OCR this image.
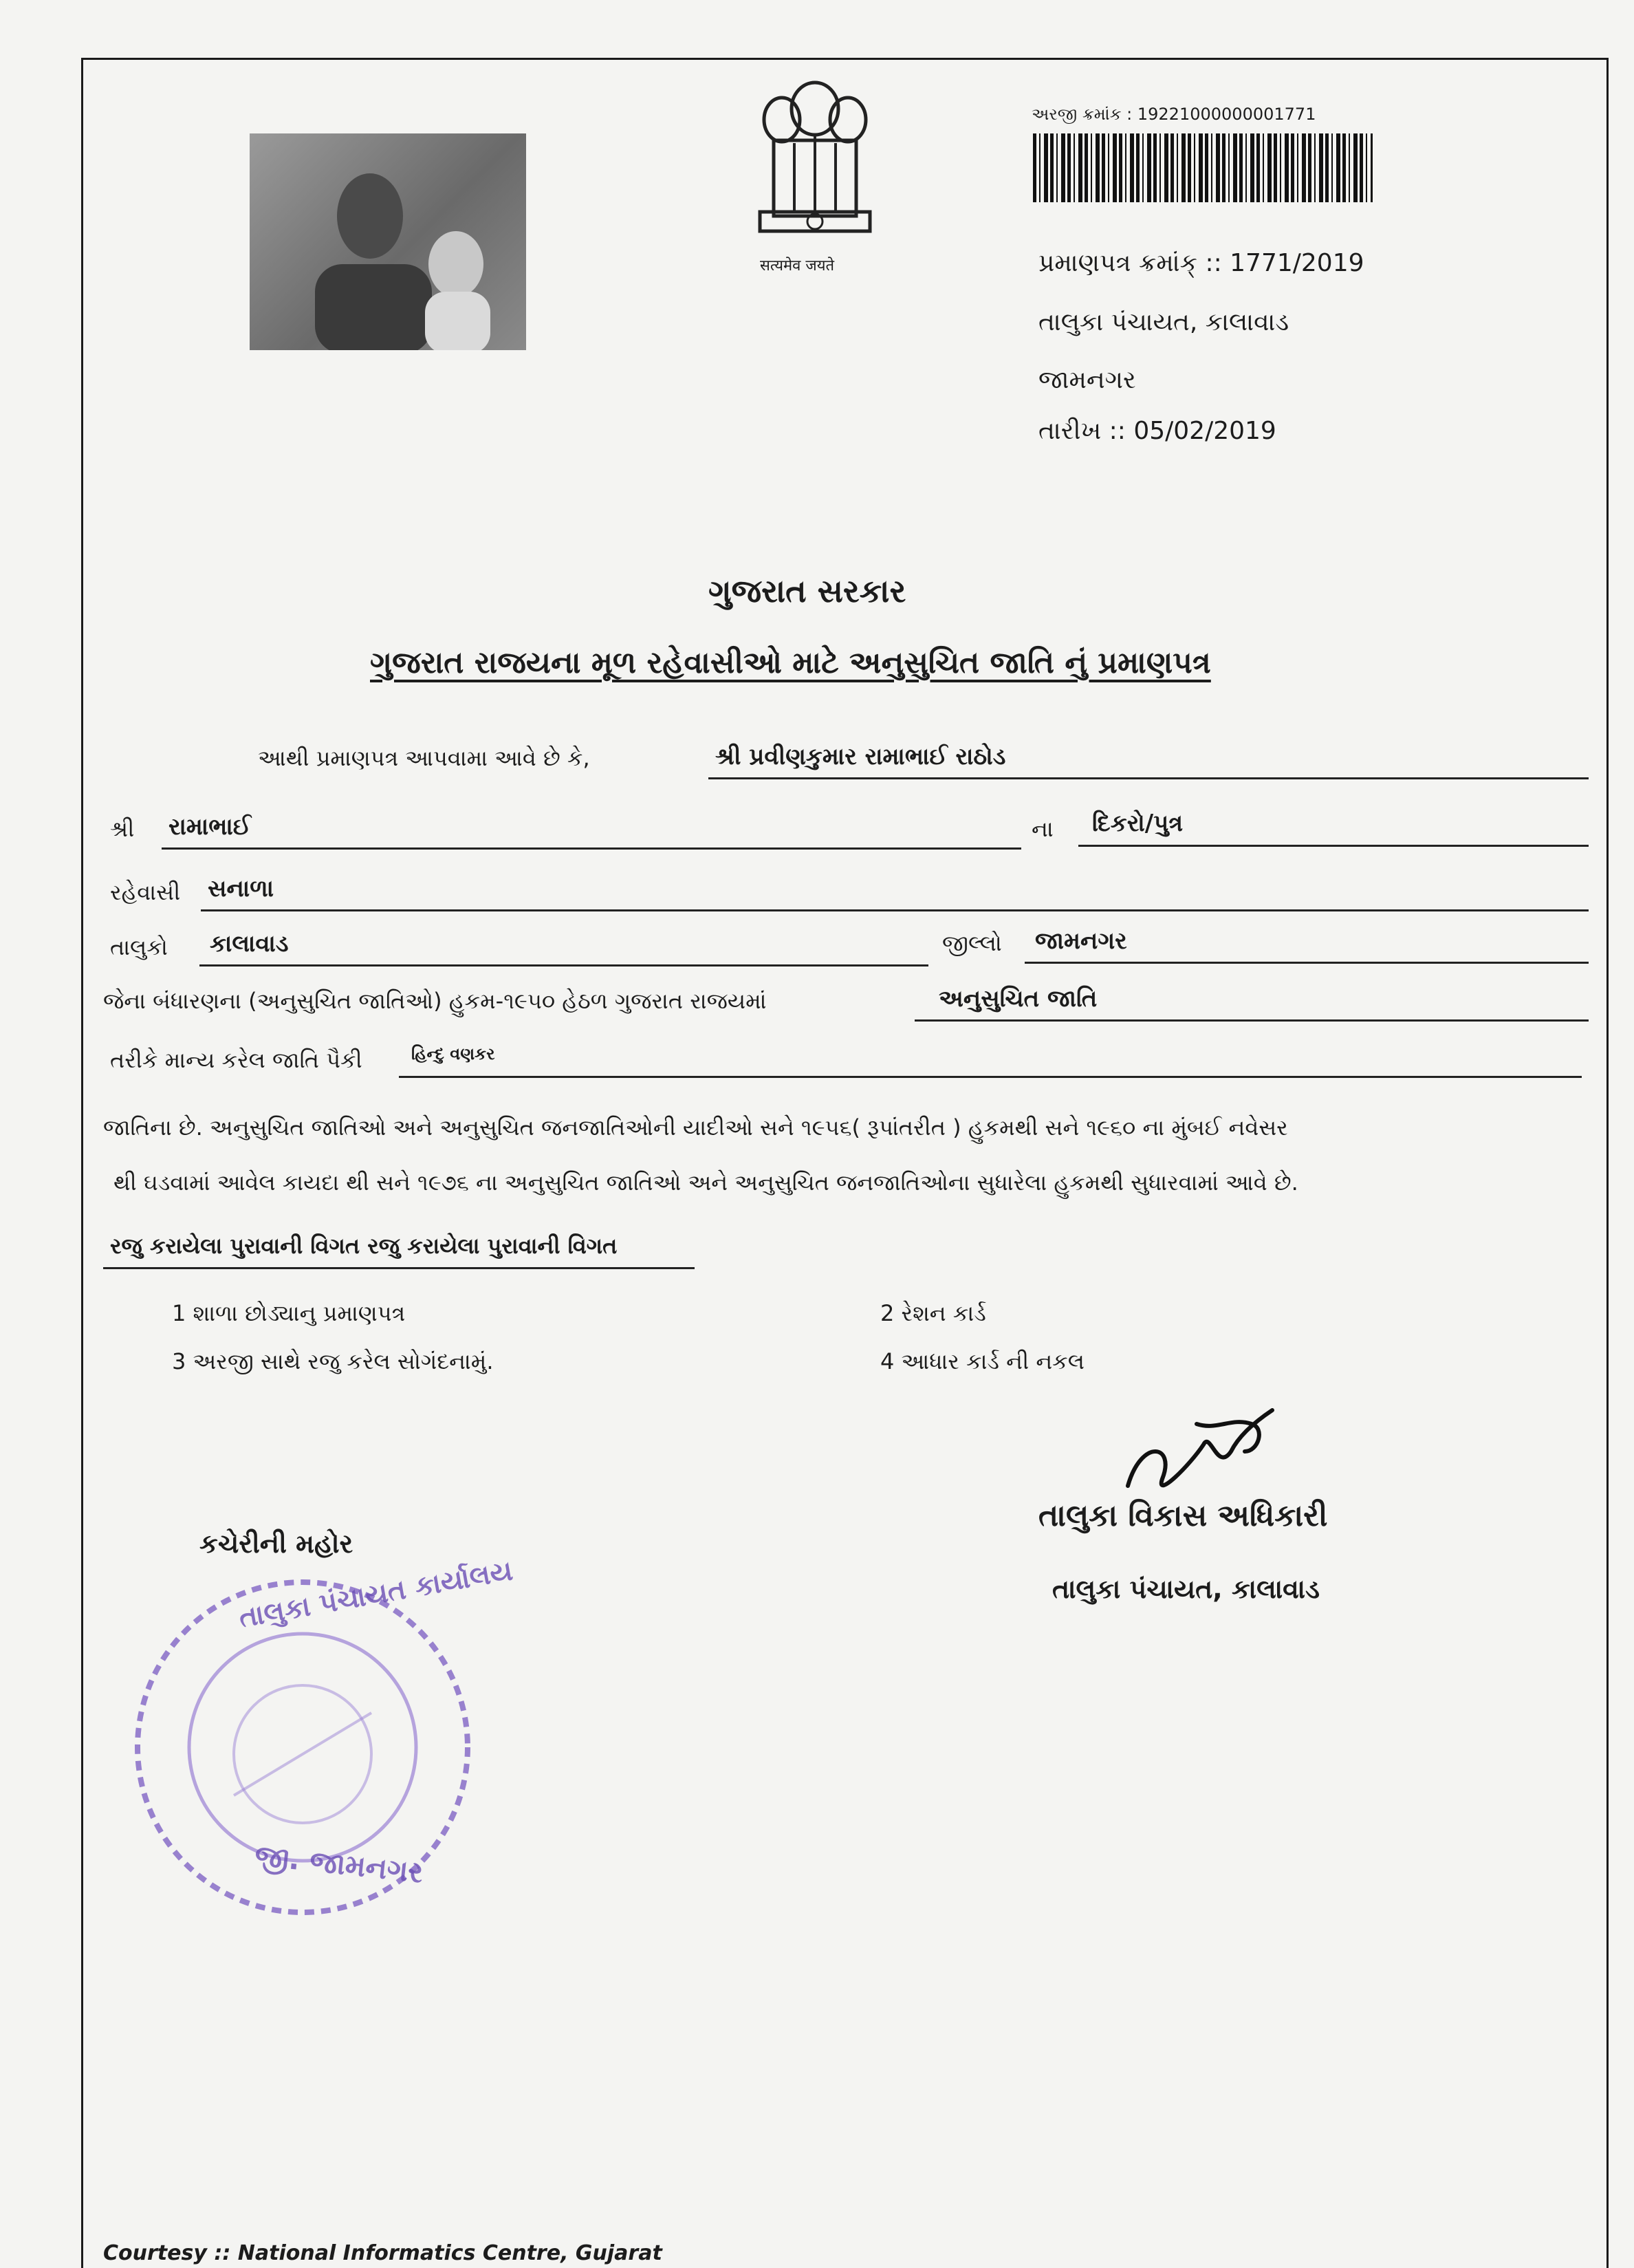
सत्यमेव जयते
અરજી ક્રમાંક : 19221000000001771
પ્રમાણપત્ર ક્રમાંક્ :: 1771/2019
તાલુકા પંચાયત, કાલાવાડ
જામનગર
તારીખ :: 05/02/2019
ગુજરાત સરકાર
ગુજરાત રાજયના મૂળ રહેવાસીઓ માટે અનુસુચિત જાતિ નું પ્રમાણપત્ર
આથી પ્રમાણપત્ર આપવામા આવે છે કે,	શ્રી પ્રવીણકુમાર રામાભાઈ રાઠોડ
શ્રી રામાભાઈ	ના દિકરો/પુત્ર
રહેવાસી સનાળા
તાલુકો કાલાવાડ	જીલ્લો જામનગર
જેના બંધારણના (અનુસુચિત જાતિઓ) હુકમ-૧૯૫૦ હેઠળ ગુજરાત રાજયમાં	અનુસુચિત જાતિ
તરીકે માન્ય કરેલ જાતિ પૈકી	હિન્દુ વણકર
જાતિના છે. અનુસુચિત જાતિઓ અને અનુસુચિત જનજાતિઓની યાદીઓ સને ૧૯૫૬( રૂપાંતરીત ) હુકમથી સને ૧૯૬૦ ના મુંબઈ નવેસર
થી ઘડવામાં આવેલ કાયદા થી સને ૧૯૭૬ ના અનુસુચિત જાતિઓ અને અનુસુચિત જનજાતિઓના સુધારેલા હુકમથી સુધારવામાં આવે છે.
રજુ કરાયેલા પુરાવાની વિગત રજુ કરાયેલા પુરાવાની વિગત
1 શાળા છોડ્યાનુ પ્રમાણપત્ર	2 રેશન કાર્ડ
3 અરજી સાથે રજુ કરેલ સોગંદનામું.	4 આધાર કાર્ડ ની નકલ
તાલુકા વિકાસ અધિકારી
તાલુકા પંચાયત, કાલાવાડ
કચેરીની મહોર
તાલુકા પંચાયત કાર્યાલય
જી. જામનગર
Courtesy :: National Informatics Centre, Gujarat
